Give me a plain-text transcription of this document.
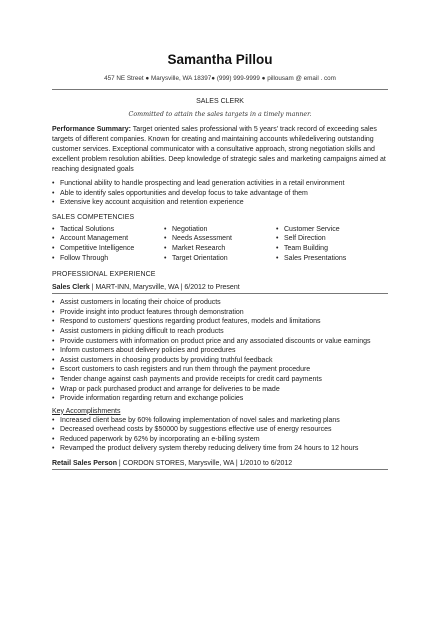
Samantha Pillou
457 NE Street ● Marysville, WA 18397● (999) 999-9999 ● pillousam @ email . com
SALES CLERK
Committed to attain the sales targets in a timely manner.
Performance Summary: Target oriented sales professional with 5 years' track record of exceeding sales targets of different companies. Known for creating and maintaining accounts whiledelivering outstanding customer services. Exceptional communicator with a consultative approach, strong negotiation skills and excellent problem resolution abilities. Deep knowledge of strategic sales and marketing campaigns aimed at reaching designated goals
• Functional ability to handle prospecting and lead generation activities in a retail environment
• Able to identify sales opportunities and develop focus to take advantage of them
• Extensive key account acquisition and retention experience
SALES COMPETENCIES
• Tactical Solutions
• Account Management
• Competitive Intelligence
• Follow Through
• Negotiation
• Needs Assessment
• Market Research
• Target Orientation
• Customer Service
• Self Direction
• Team Building
• Sales Presentations
PROFESSIONAL EXPERIENCE
Sales Clerk | MART-INN, Marysville, WA | 6/2012 to Present
• Assist customers in locating their choice of products
• Provide insight into product features through demonstration
• Respond to customers' questions regarding product features, models and limitations
• Assist customers in picking difficult to reach products
• Provide customers with information on product price and any associated discounts or value earnings
• Inform customers about delivery policies and procedures
• Assist customers in choosing products by providing truthful feedback
• Escort customers to cash registers and run them through the payment procedure
• Tender change against cash payments and provide receipts for credit card payments
• Wrap or pack purchased product and arrange for deliveries to be made
• Provide information regarding return and exchange policies
Key Accomplishments
• Increased client base by 60% following implementation of novel sales and marketing plans
• Decreased overhead costs by $50000 by suggestions effective use of energy resources
• Reduced paperwork by 62% by incorporating an e-billing system
• Revamped the product delivery system thereby reducing delivery time from 24 hours to 12 hours
Retail Sales Person | CORDON STORES, Marysville, WA | 1/2010 to 6/2012
